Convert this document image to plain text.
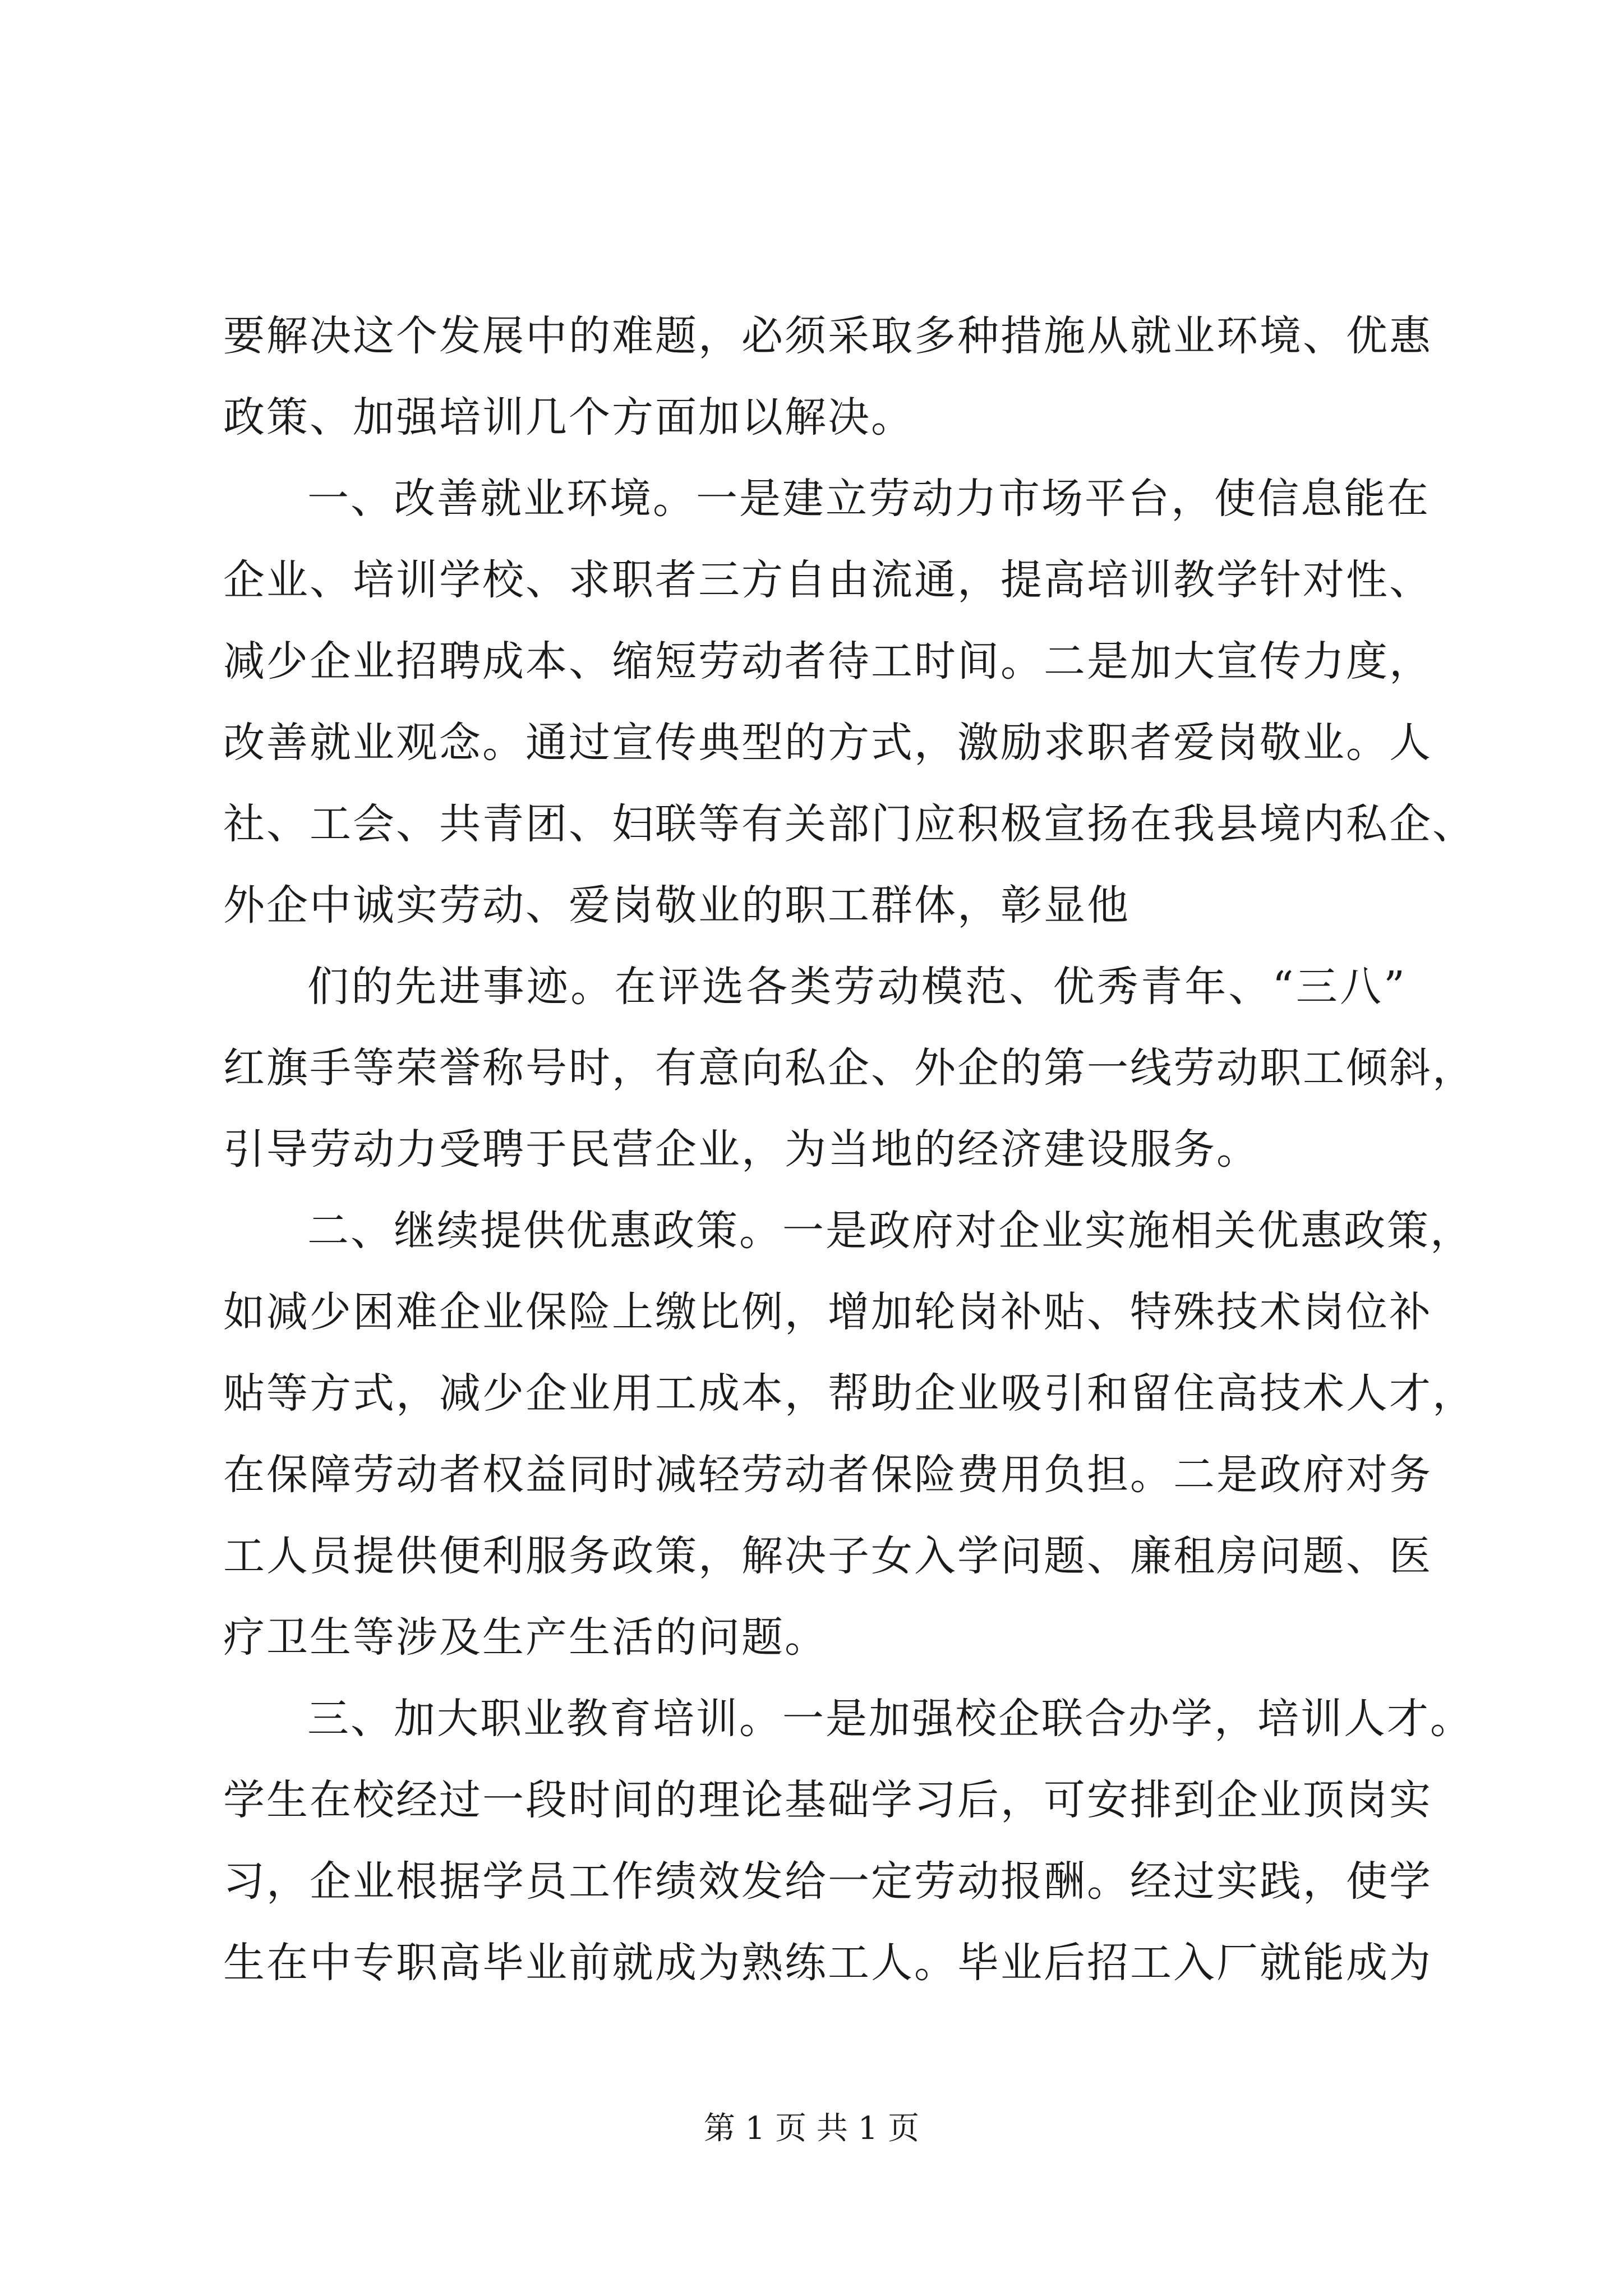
要解决这个发展中的难题，必须采取多种措施从就业环境、优惠
政策、加强培训几个方面加以解决。
一、改善就业环境。一是建立劳动力市场平台，使信息能在
企业、培训学校、求职者三方自由流通，提高培训教学针对性、
减少企业招聘成本、缩短劳动者待工时间。二是加大宣传力度，
改善就业观念。通过宣传典型的方式，激励求职者爱岗敬业。人
社、工会、共青团、妇联等有关部门应积极宣扬在我县境内私企、
外企中诚实劳动、爱岗敬业的职工群体，彰显他
们的先进事迹。在评选各类劳动模范、优秀青年、“三八”
红旗手等荣誉称号时，有意向私企、外企的第一线劳动职工倾斜，
引导劳动力受聘于民营企业，为当地的经济建设服务。
二、继续提供优惠政策。一是政府对企业实施相关优惠政策，
如减少困难企业保险上缴比例，增加轮岗补贴、特殊技术岗位补
贴等方式，减少企业用工成本，帮助企业吸引和留住高技术人才，
在保障劳动者权益同时减轻劳动者保险费用负担。二是政府对务
工人员提供便利服务政策，解决子女入学问题、廉租房问题、医
疗卫生等涉及生产生活的问题。
三、加大职业教育培训。一是加强校企联合办学，培训人才。
学生在校经过一段时间的理论基础学习后，可安排到企业顶岗实
习，企业根据学员工作绩效发给一定劳动报酬。经过实践，使学
生在中专职高毕业前就成为熟练工人。毕业后招工入厂就能成为
第 1 页 共 1 页
